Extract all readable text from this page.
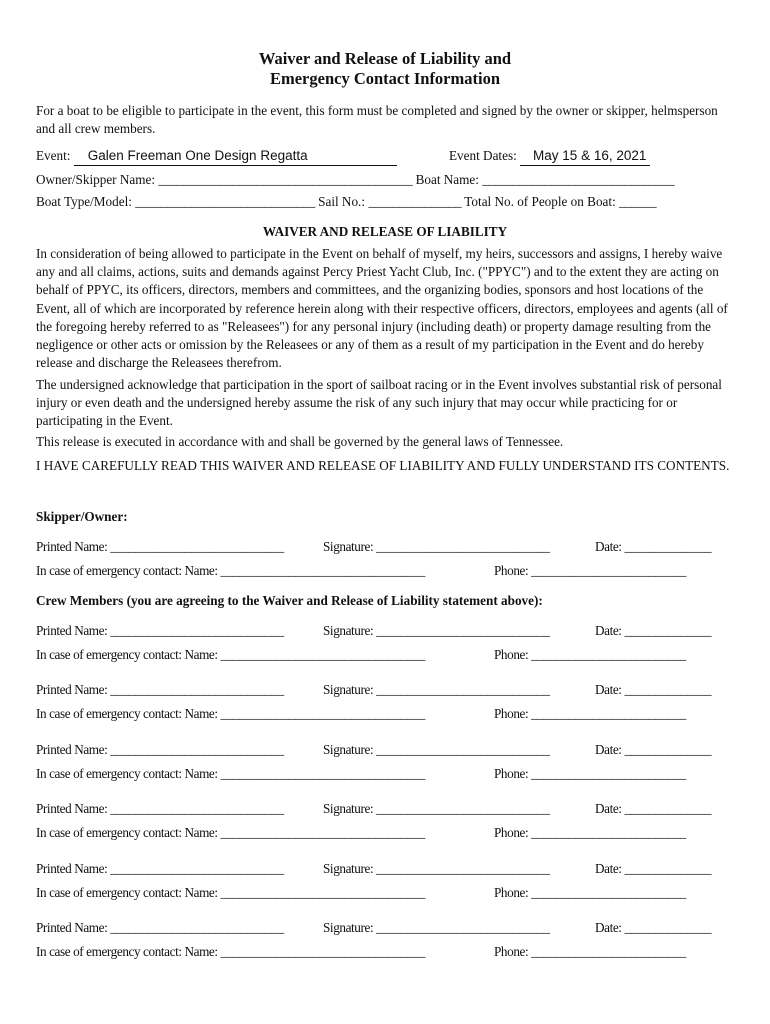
Waiver and Release of Liability and
Emergency Contact Information
For a boat to be eligible to participate in the event, this form must be completed and signed by the owner or skipper, helmsperson and all crew members.
Event: Galen Freeman One Design Regatta	Event Dates: May 15 & 16, 2021
Owner/Skipper Name: _________________________________________ Boat Name: _______________________________
Boat Type/Model: _____________________________ Sail No.: _______________ Total No. of People on Boat: ______
WAIVER AND RELEASE OF LIABILITY
In consideration of being allowed to participate in the Event on behalf of myself, my heirs, successors and assigns, I hereby waive any and all claims, actions, suits and demands against Percy Priest Yacht Club, Inc. ("PPYC") and to the extent they are acting on behalf of PPYC, its officers, directors, members and committees, and the organizing bodies, sponsors and host locations of the Event, all of which are incorporated by reference herein along with their respective officers, directors, employees and agents (all of the foregoing hereby referred to as "Releasees") for any personal injury (including death) or property damage resulting from the negligence or other acts or omission by the Releasees or any of them as a result of my participation in the Event and do hereby release and discharge the Releasees therefrom.
The undersigned acknowledge that participation in the sport of sailboat racing or in the Event involves substantial risk of personal injury or even death and the undersigned hereby assume the risk of any such injury that may occur while practicing for or participating in the Event.
This release is executed in accordance with and shall be governed by the general laws of Tennessee.
I HAVE CAREFULLY READ THIS WAIVER AND RELEASE OF LIABILITY AND FULLY UNDERSTAND ITS CONTENTS.
Skipper/Owner:
Printed Name: ____________________________	Signature: ____________________________	Date: ______________
In case of emergency contact: Name: _________________________________	Phone: _________________________
Crew Members (you are agreeing to the Waiver and Release of Liability statement above):
Printed Name: ____________________________	Signature: ____________________________	Date: ______________
In case of emergency contact: Name: _________________________________	Phone: _________________________
Printed Name: ____________________________	Signature: ____________________________	Date: ______________
In case of emergency contact: Name: _________________________________	Phone: _________________________
Printed Name: ____________________________	Signature: ____________________________	Date: ______________
In case of emergency contact: Name: _________________________________	Phone: _________________________
Printed Name: ____________________________	Signature: ____________________________	Date: ______________
In case of emergency contact: Name: _________________________________	Phone: _________________________
Printed Name: ____________________________	Signature: ____________________________	Date: ______________
In case of emergency contact: Name: _________________________________	Phone: _________________________
Printed Name: ____________________________	Signature: ____________________________	Date: ______________
In case of emergency contact: Name: _________________________________	Phone: _________________________
